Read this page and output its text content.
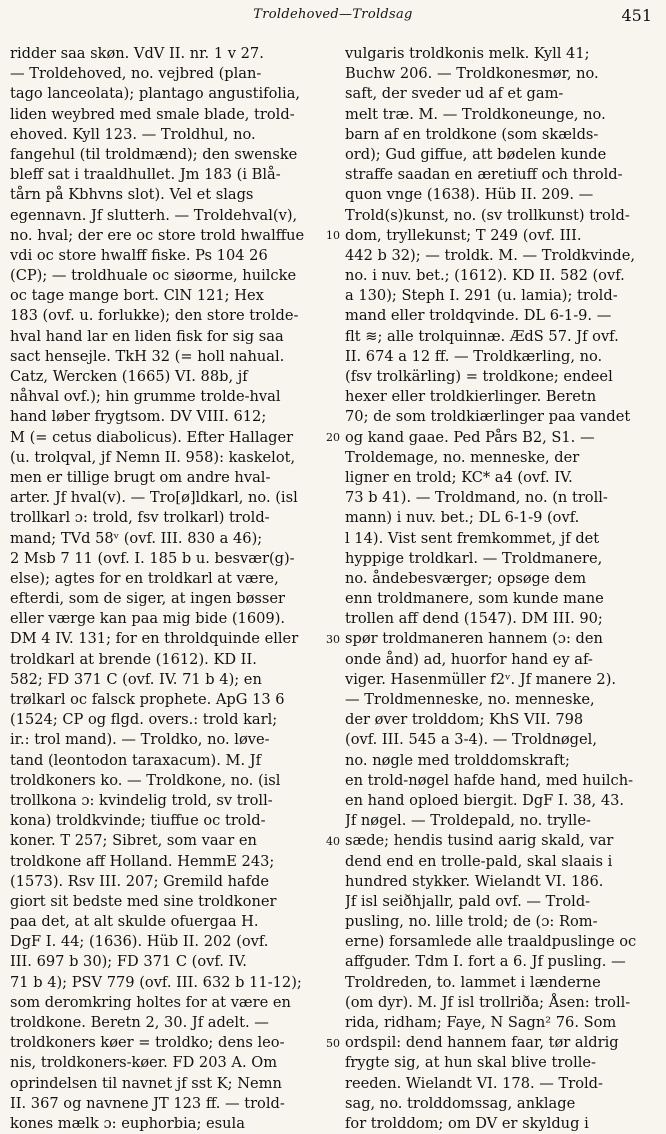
Troldehoved—Troldsag	451
ridder saa skøn. VdV II. nr. 1 v 27.
— Troldehoved, no. vejbred (plan-
tago lanceolata); plantago angustifolia,
liden weybred med smale blade, trold-
ehoved. Kyll 123. — Troldhul, no.
fangehul (til troldmænd); den swenske
bleff sat i traaldhullet. Jm 183 (i Blå-
tårn på Kbhvns slot). Vel et slags
egennavn. Jf slutterh. — Troldehval(v),
no. hval; der ere oc store trold hwalffue
vdi oc store hwalff fiske. Ps 104 26
(CP); — troldhuale oc siøorme, huilcke
oc tage mange bort. ClN 121; Hex
183 (ovf. u. forlukke); den store trolde-
hval hand lar en liden fisk for sig saa
sact hensejle. TkH 32 (= holl nahual.
Catz, Wercken (1665) VI. 88b, jf
nåhval ovf.); hin grumme trolde-hval
hand løber frygtsom. DV VIII. 612;
M (= cetus diabolicus). Efter Hallager
(u. trolqval, jf Nemn II. 958): kaskelot,
men er tillige brugt om andre hval-
arter. Jf hval(v). — Tro[ø]ldkarl, no. (isl
trollkarl ɔ: trold, fsv trolkarl) trold-
mand; TVd 58ᵛ (ovf. III. 830 a 46);
2 Msb 7 11 (ovf. I. 185 b u. besvær(g)-
else); agtes for en troldkarl at være,
efterdi, som de siger, at ingen bøsser
eller værge kan paa mig bide (1609).
DM 4 IV. 131; for en throldquinde eller
troldkarl at brende (1612). KD II.
582; FD 371 C (ovf. IV. 71 b 4); en
trølkarl oc falsck prophete. ApG 13 6
(1524; CP og flgd. overs.: trold karl;
ir.: trol mand). — Troldko, no. løve-
tand (leontodon taraxacum). M. Jf
troldkoners ko. — Troldkone, no. (isl
trollkona ɔ: kvindelig trold, sv troll-
kona) troldkvinde; tiuffue oc trold-
koner. T 257; Sibret, som vaar en
troldkone aff Holland. HemmE 243;
(1573). Rsv III. 207; Gremild hafde
giort sit bedste med sine troldkoner
paa det, at alt skulde ofuergaa H.
DgF I. 44; (1636). Hüb II. 202 (ovf.
III. 697 b 30); FD 371 C (ovf. IV.
71 b 4); PSV 779 (ovf. III. 632 b 11-12);
som deromkring holtes for at være en
troldkone. Beretn 2, 30. Jf adelt. —
troldkoners køer = troldko; dens leo-
nis, troldkoners-køer. FD 203 A. Om
oprindelsen til navnet jf sst K; Nemn
II. 367 og navnene JT 123 ff. — trold-
kones mælk ɔ: euphorbia; esula
10
20
30
40
50
vulgaris troldkonis melk. Kyll 41;
Buchw 206. — Troldkonesmør, no.
saft, der sveder ud af et gam-
melt træ. M. — Troldkoneunge, no.
barn af en troldkone (som skælds-
ord); Gud giffue, att bødelen kunde
straffe saadan en æretiuff och throld-
quon vnge (1638). Hüb II. 209. —
Trold(s)kunst, no. (sv trollkunst) trold-
dom, tryllekunst; T 249 (ovf. III.
442 b 32); — troldk. M. — Troldkvinde,
no. i nuv. bet.; (1612). KD II. 582 (ovf.
a 130); Steph I. 291 (u. lamia); trold-
mand eller troldqvinde. DL 6-1-9. —
flt ≋; alle trolquinnæ. ÆdS 57. Jf ovf.
II. 674 a 12 ff. — Troldkærling, no.
(fsv trolkärling) = troldkone; endeel
hexer eller troldkierlinger. Beretn
70; de som troldkiærlinger paa vandet
og kand gaae. Ped Pårs B2, S1. —
Troldemage, no. menneske, der
ligner en trold; KC* a4 (ovf. IV.
73 b 41). — Troldmand, no. (n troll-
mann) i nuv. bet.; DL 6-1-9 (ovf.
l 14). Vist sent fremkommet, jf det
hyppige troldkarl. — Troldmanere,
no. åndebesværger; opsøge dem
enn troldmanere, som kunde mane
trollen aff dend (1547). DM III. 90;
spør troldmaneren hannem (ɔ: den
onde ånd) ad, huorfor hand ey af-
viger. Hasenmüller f2ᵛ. Jf manere 2).
— Troldmenneske, no. menneske,
der øver trolddom; KhS VII. 798
(ovf. III. 545 a 3-4). — Troldnøgel,
no. nøgle med trolddomskraft;
en trold-nøgel hafde hand, med huilch-
en hand oploed biergit. DgF I. 38, 43.
Jf nøgel. — Troldepald, no. trylle-
sæde; hendis tusind aarig skald, var
dend end en trolle-pald, skal slaais i
hundred stykker. Wielandt VI. 186.
Jf isl seiðhjallr, pald ovf. — Trold-
pusling, no. lille trold; de (ɔ: Rom-
erne) forsamlede alle traaldpuslinge oc
affguder. Tdm I. fort a 6. Jf pusling. —
Troldreden, to. lammet i lænderne
(om dyr). M. Jf isl trollriða; Åsen: troll-
rida, ridham; Faye, N Sagn² 76. Som
ordspil: dend hannem faar, tør aldrig
frygte sig, at hun skal blive trolle-
reeden. Wielandt VI. 178. — Trold-
sag, no. trolddomssag, anklage
for trolddom; om DV er skyldug i
